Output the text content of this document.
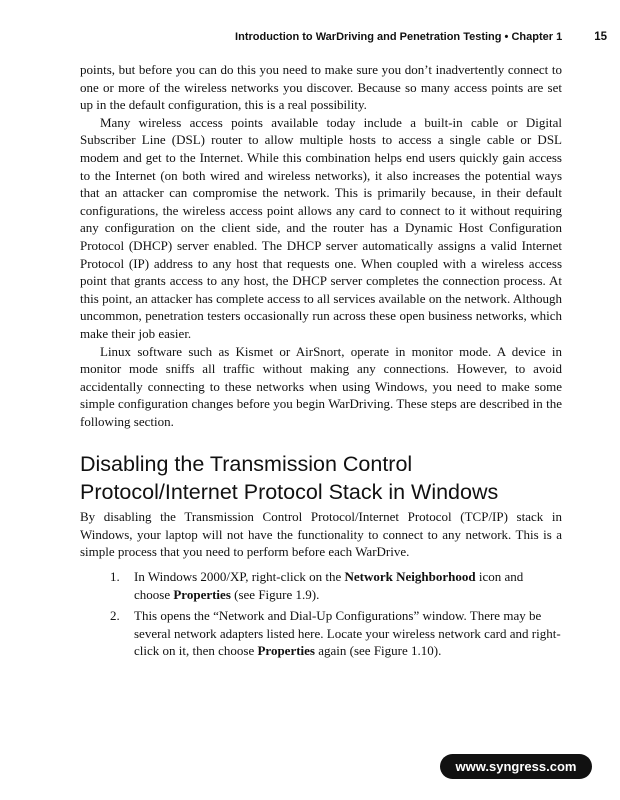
Introduction to WarDriving and Penetration Testing • Chapter 1	15

points, but before you can do this you need to make sure you don’t inadvertently connect to one or more of the wireless networks you discover. Because so many access points are set up in the default configuration, this is a real possibility.

Many wireless access points available today include a built-in cable or Digital Subscriber Line (DSL) router to allow multiple hosts to access a single cable or DSL modem and get to the Internet. While this combination helps end users quickly gain access to the Internet (on both wired and wireless networks), it also increases the potential ways that an attacker can compromise the network. This is primarily because, in their default configurations, the wireless access point allows any card to connect to it without requiring any configuration on the client side, and the router has a Dynamic Host Configuration Protocol (DHCP) server enabled. The DHCP server automatically assigns a valid Internet Protocol (IP) address to any host that requests one. When coupled with a wireless access point that grants access to any host, the DHCP server completes the connection process. At this point, an attacker has complete access to all services available on the network. Although uncommon, penetration testers occasionally run across these open business networks, which make their job easier.

Linux software such as Kismet or AirSnort, operate in monitor mode. A device in monitor mode sniffs all traffic without making any connections. However, to avoid accidentally connecting to these networks when using Windows, you need to make some simple configuration changes before you begin WarDriving. These steps are described in the following section.

Disabling the Transmission Control
Protocol/Internet Protocol Stack in Windows

By disabling the Transmission Control Protocol/Internet Protocol (TCP/IP) stack in Windows, your laptop will not have the functionality to connect to any network. This is a simple process that you need to perform before each WarDrive.

1. In Windows 2000/XP, right-click on the Network Neighborhood icon and choose Properties (see Figure 1.9).
2. This opens the “Network and Dial-Up Configurations” window. There may be several network adapters listed here. Locate your wireless network card and right-click on it, then choose Properties again (see Figure 1.10).
www.syngress.com
